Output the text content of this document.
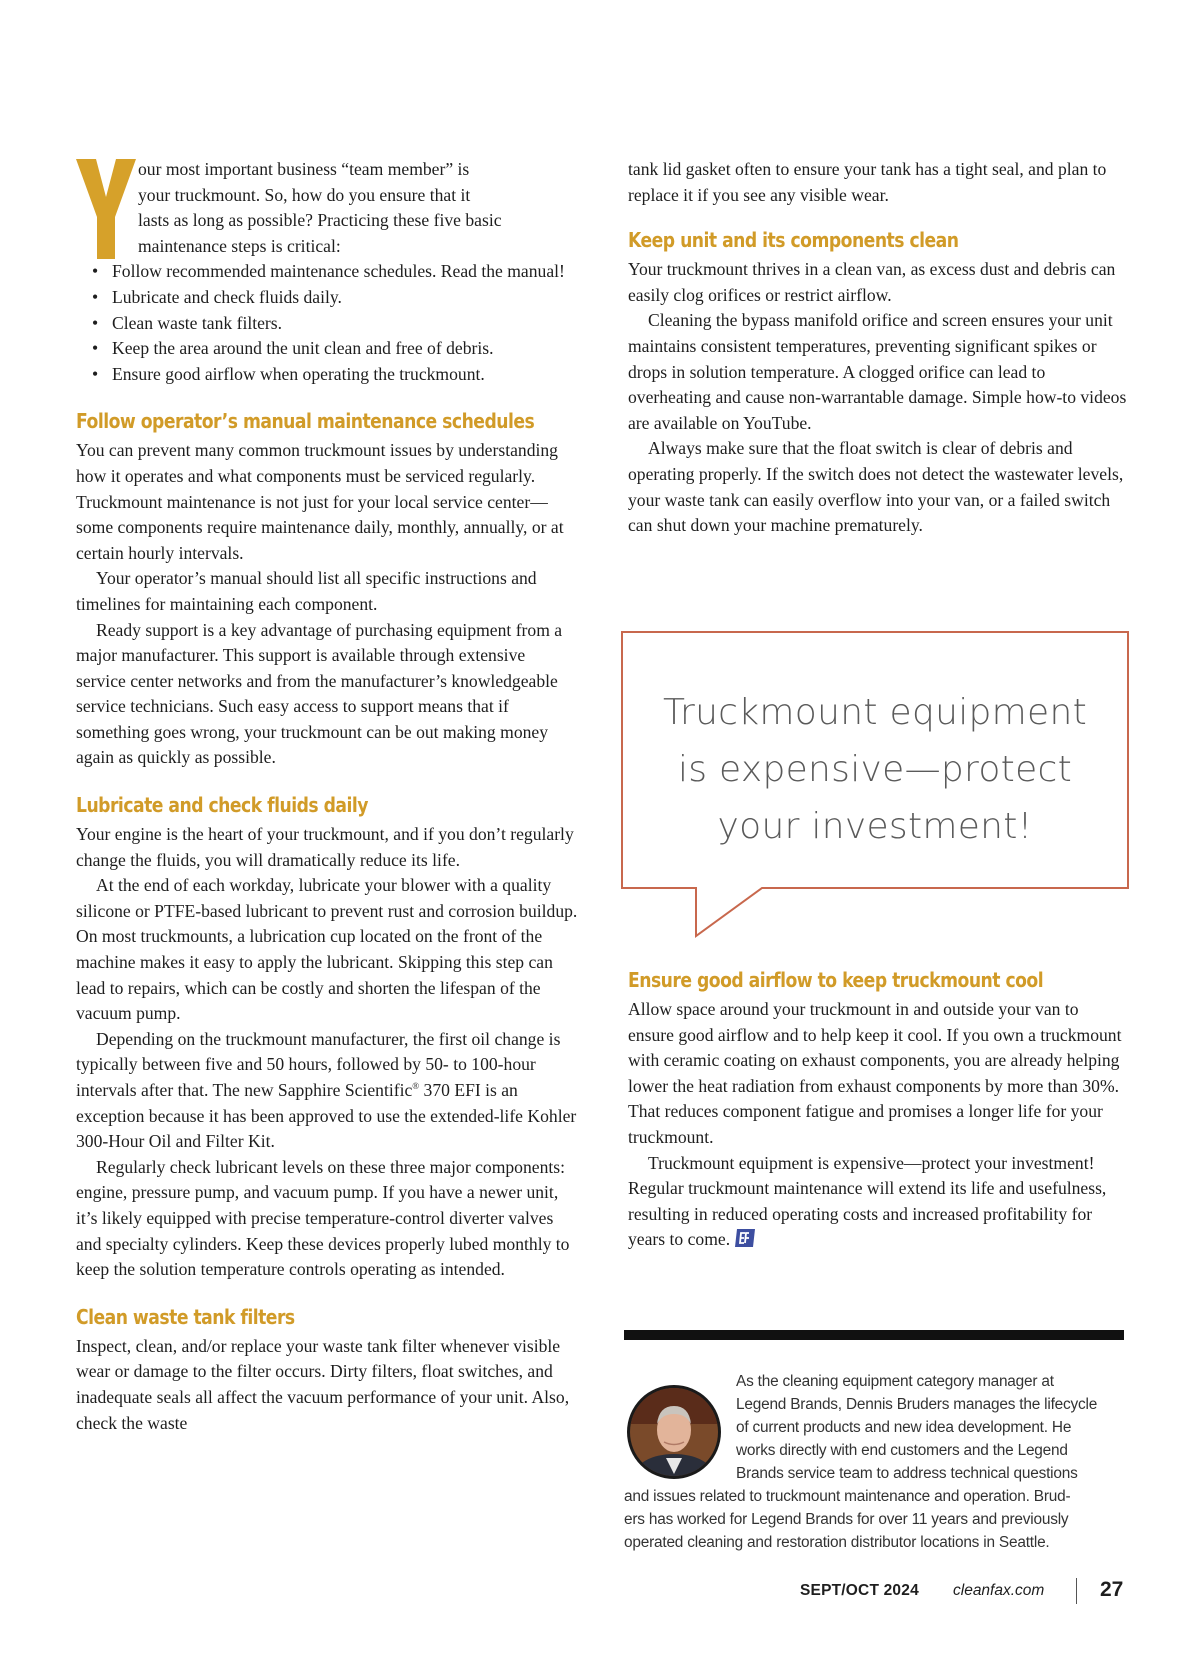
our most important business “team member” is
your truckmount. So, how do you ensure that it
lasts as long as possible? Practicing these five basic
maintenance steps is critical:
• Follow recommended maintenance schedules. Read the manual!
• Lubricate and check fluids daily.
• Clean waste tank filters.
• Keep the area around the unit clean and free of debris.
• Ensure good airflow when operating the truckmount.
Follow operator’s manual maintenance schedules

You can prevent many common truckmount issues by understanding how it operates and what components must be serviced regularly. Truckmount maintenance is not just for your local service center—some components require maintenance daily, monthly, annually, or at certain hourly intervals.

Your operator’s manual should list all specific instructions and timelines for maintaining each component.

Ready support is a key advantage of purchasing equipment from a major manufacturer. This support is available through extensive service center networks and from the manufacturer’s knowledgeable service technicians. Such easy access to support means that if something goes wrong, your truckmount can be out making money again as quickly as possible.

Lubricate and check fluids daily

Your engine is the heart of your truckmount, and if you don’t regularly change the fluids, you will dramatically reduce its life.

At the end of each workday, lubricate your blower with a quality silicone or PTFE-based lubricant to prevent rust and corrosion buildup. On most truckmounts, a lubrication cup located on the front of the machine makes it easy to apply the lubricant. Skipping this step can lead to repairs, which can be costly and shorten the lifespan of the vacuum pump.

Depending on the truckmount manufacturer, the first oil change is typically between five and 50 hours, followed by 50- to 100-hour intervals after that. The new Sapphire Scientific® 370 EFI is an exception because it has been approved to use the extended-life Kohler 300-Hour Oil and Filter Kit.

Regularly check lubricant levels on these three major components: engine, pressure pump, and vacuum pump. If you have a newer unit, it’s likely equipped with precise temperature-control diverter valves and specialty cylinders. Keep these devices properly lubed monthly to keep the solution temperature controls operating as intended.

Clean waste tank filters

Inspect, clean, and/or replace your waste tank filter whenever visible wear or damage to the filter occurs. Dirty filters, float switches, and inadequate seals all affect the vacuum performance of your unit. Also, check the waste

tank lid gasket often to ensure your tank has a tight seal, and plan to replace it if you see any visible wear.

Keep unit and its components clean

Your truckmount thrives in a clean van, as excess dust and debris can easily clog orifices or restrict airflow.

Cleaning the bypass manifold orifice and screen ensures your unit maintains consistent temperatures, preventing significant spikes or drops in solution temperature. A clogged orifice can lead to overheating and cause non-warrantable damage. Simple how-to videos are available on YouTube.

Always make sure that the float switch is clear of debris and operating properly. If the switch does not detect the wastewater levels, your waste tank can easily overflow into your van, or a failed switch can shut down your machine prematurely.

Truckmount equipment
is expensive—protect
your investment!
Ensure good airflow to keep truckmount cool

Allow space around your truckmount in and outside your van to ensure good airflow and to help keep it cool. If you own a truckmount with ceramic coating on exhaust components, you are already helping lower the heat radiation from exhaust components by more than 30%. That reduces component fatigue and promises a longer life for your truckmount.

Truckmount equipment is expensive—protect your investment! Regular truckmount maintenance will extend its life and usefulness, resulting in reduced operating costs and increased profitability for years to come.

As the cleaning equipment category manager at
Legend Brands, Dennis Bruders manages the lifecycle
of current products and new idea development. He
works directly with end customers and the Legend
Brands service team to address technical questions
and issues related to truckmount maintenance and operation. Brud-
ers has worked for Legend Brands for over 11 years and previously
operated cleaning and restoration distributor locations in Seattle.
SEPT/OCT 2024 cleanfax.com	27
